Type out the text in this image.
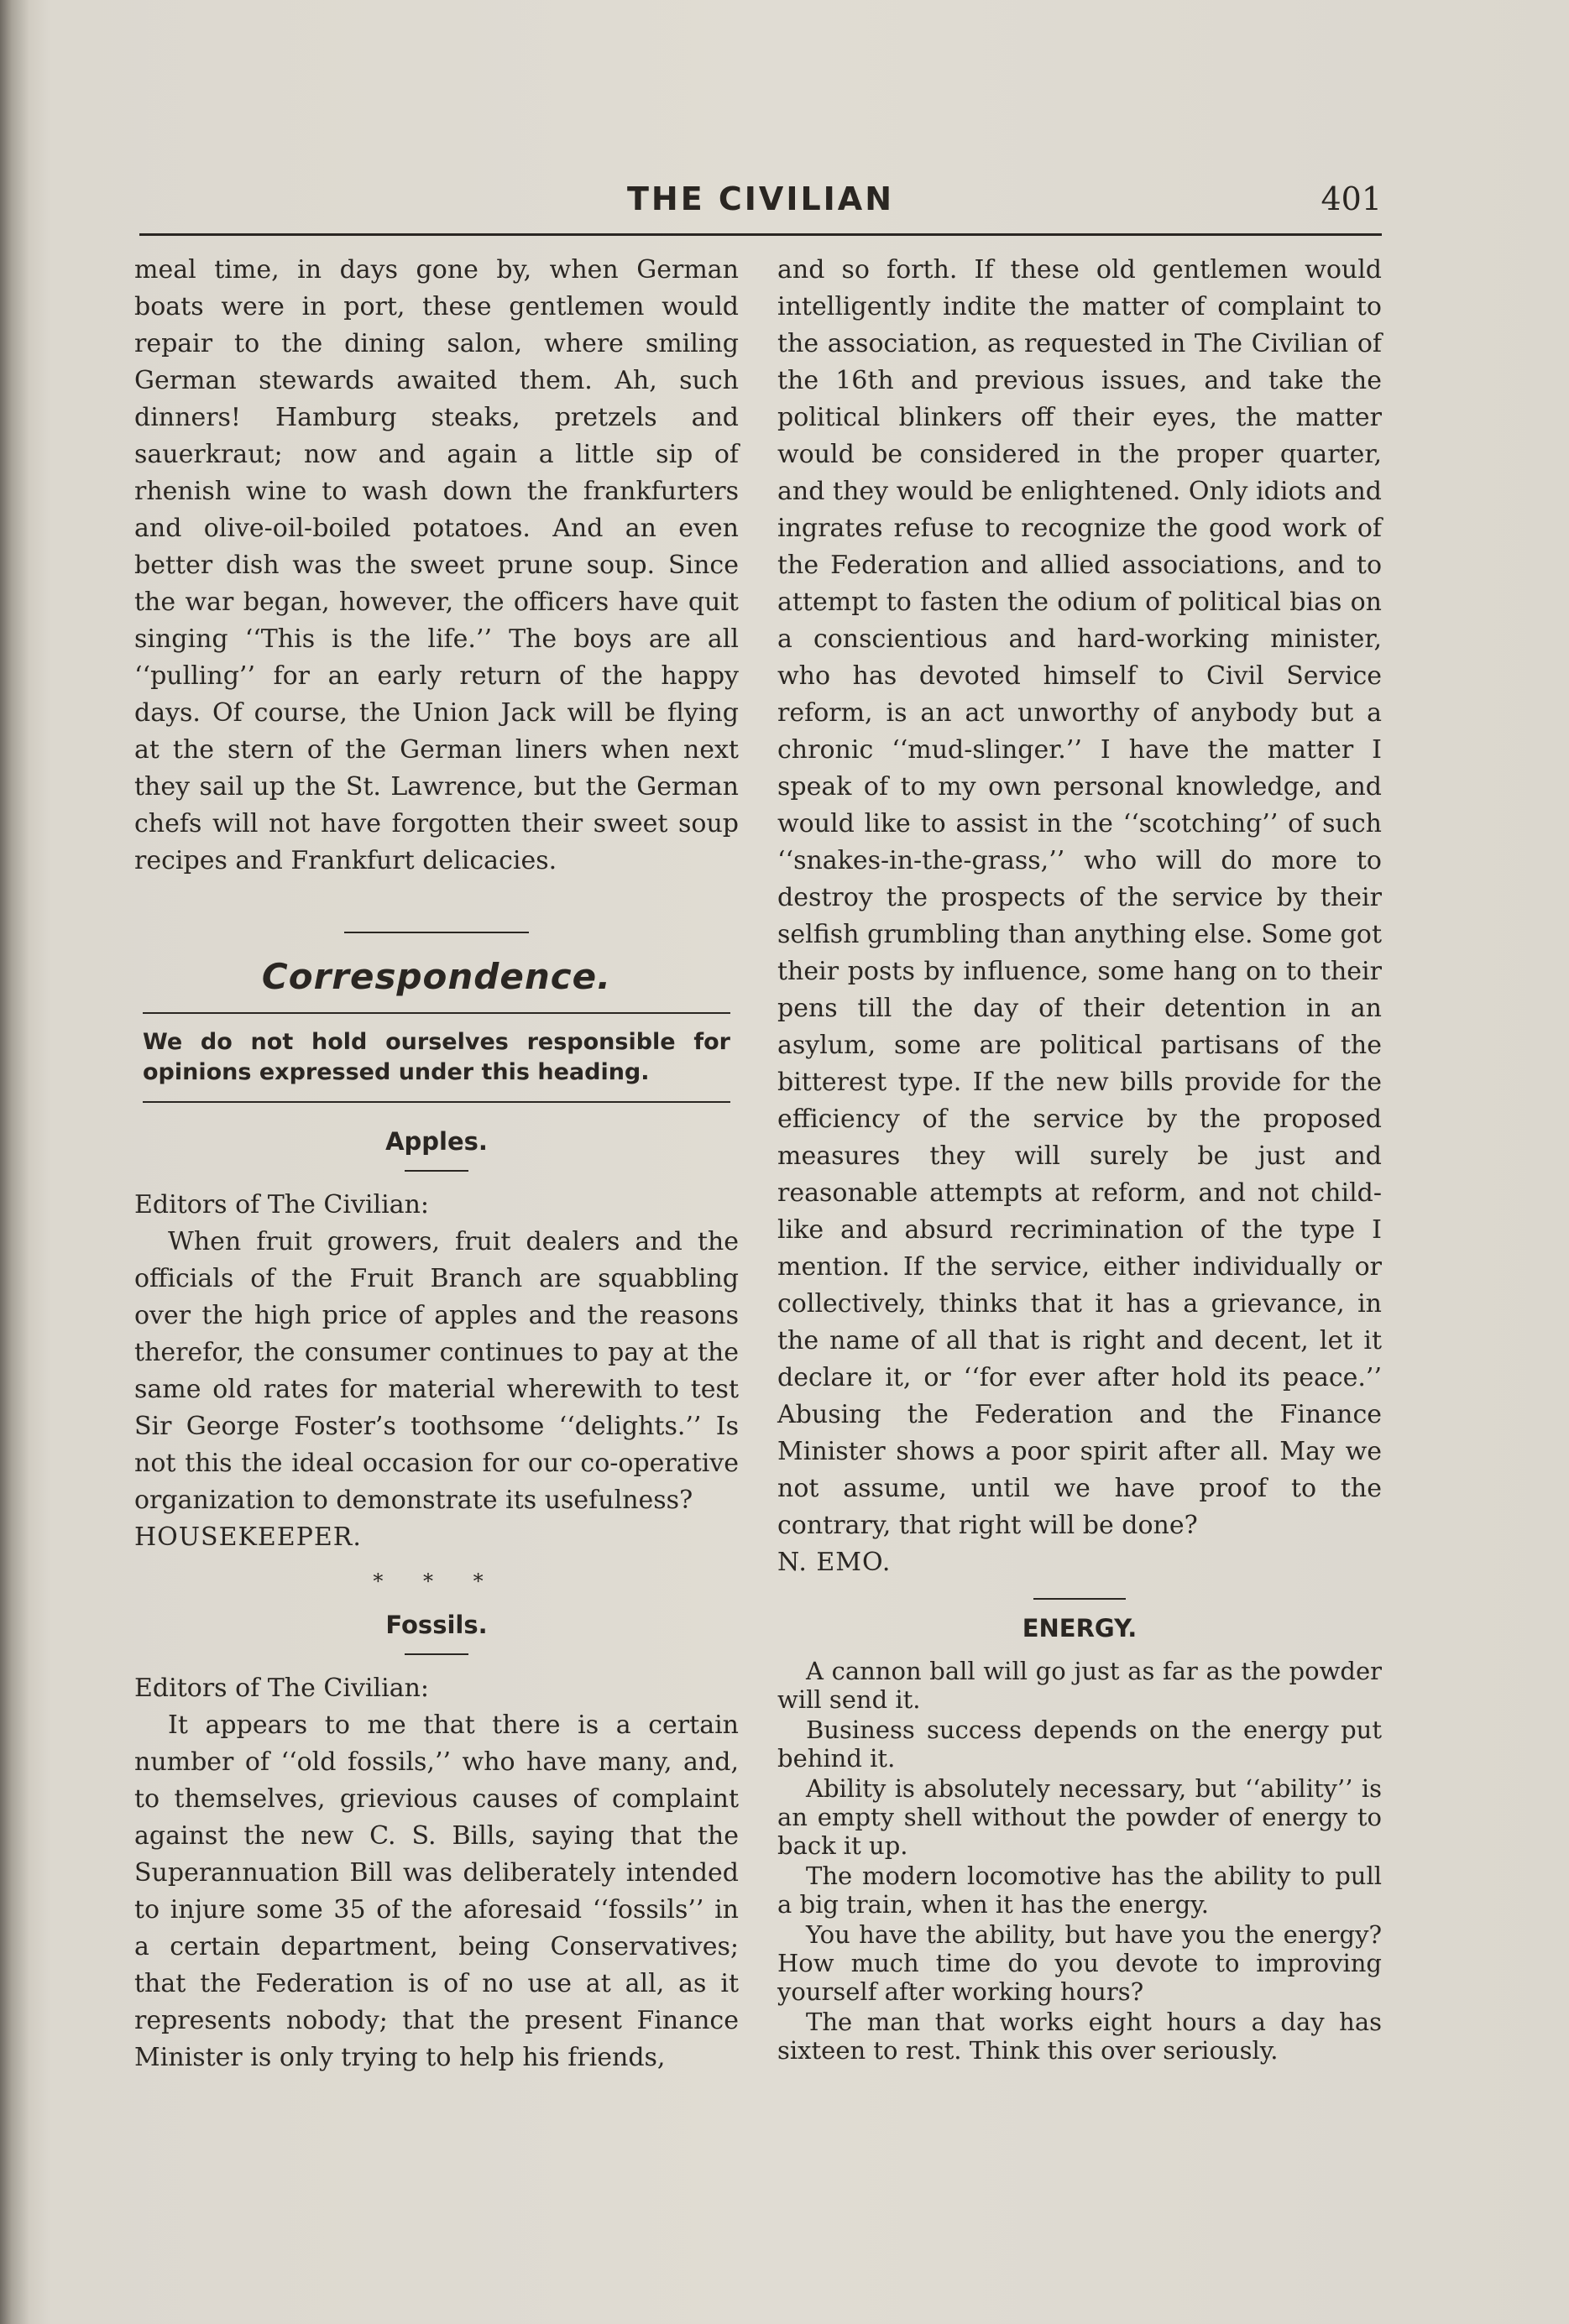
THE CIVILIAN	401

meal time, in days gone by, when German boats were in port, these gentlemen would repair to the dining salon, where smiling German stewards awaited them. Ah, such dinners! Hamburg steaks, pretzels and sauerkraut; now and again a little sip of rhenish wine to wash down the frankfurters and olive-oil-boiled potatoes. And an even better dish was the sweet prune soup. Since the war began, however, the officers have quit singing ‘‘This is the life.’’ The boys are all ‘‘pulling’’ for an early return of the happy days. Of course, the Union Jack will be flying at the stern of the German liners when next they sail up the St. Lawrence, but the German chefs will not have forgotten their sweet soup recipes and Frankfurt delicacies.

Correspondence.
We do not hold ourselves responsible for opinions expressed under this heading.
Apples.

Editors of The Civilian:

When fruit growers, fruit dealers and the officials of the Fruit Branch are squabbling over the high price of apples and the reasons therefor, the consumer continues to pay at the same old rates for material wherewith to test Sir George Foster’s toothsome ‘‘delights.’’ Is not this the ideal occasion for our co-operative organization to demonstrate its usefulness?

HOUSEKEEPER.

* * *
Fossils.

Editors of The Civilian:

It appears to me that there is a certain number of ‘‘old fossils,’’ who have many, and, to themselves, grievious causes of complaint against the new C. S. Bills, saying that the Superannuation Bill was deliberately intended to injure some 35 of the aforesaid ‘‘fossils’’ in a certain department, being Conservatives; that the Federation is of no use at all, as it represents nobody; that the present Finance Minister is only trying to help his friends,

and so forth. If these old gentlemen would intelligently indite the matter of complaint to the association, as requested in The Civilian of the 16th and previous issues, and take the political blinkers off their eyes, the matter would be considered in the proper quarter, and they would be enlightened. Only idiots and ingrates refuse to recognize the good work of the Federation and allied associations, and to attempt to fasten the odium of political bias on a conscientious and hard-working minister, who has devoted himself to Civil Service reform, is an act unworthy of anybody but a chronic ‘‘mud-slinger.’’ I have the matter I speak of to my own personal knowledge, and would like to assist in the ‘‘scotching’’ of such ‘‘snakes-in-the-grass,’’ who will do more to destroy the prospects of the service by their selfish grumbling than anything else. Some got their posts by influence, some hang on to their pens till the day of their detention in an asylum, some are political partisans of the bitterest type. If the new bills provide for the efficiency of the service by the proposed measures they will surely be just and reasonable attempts at reform, and not child-like and absurd recrimination of the type I mention. If the service, either individually or collectively, thinks that it has a grievance, in the name of all that is right and decent, let it declare it, or ‘‘for ever after hold its peace.’’ Abusing the Federation and the Finance Minister shows a poor spirit after all. May we not assume, until we have proof to the contrary, that right will be done?

N. EMO.

ENERGY.

A cannon ball will go just as far as the powder will send it.

Business success depends on the energy put behind it.

Ability is absolutely necessary, but ‘‘ability’’ is an empty shell without the powder of energy to back it up.

The modern locomotive has the ability to pull a big train, when it has the energy.

You have the ability, but have you the energy? How much time do you devote to improving yourself after working hours?

The man that works eight hours a day has sixteen to rest. Think this over seriously.
